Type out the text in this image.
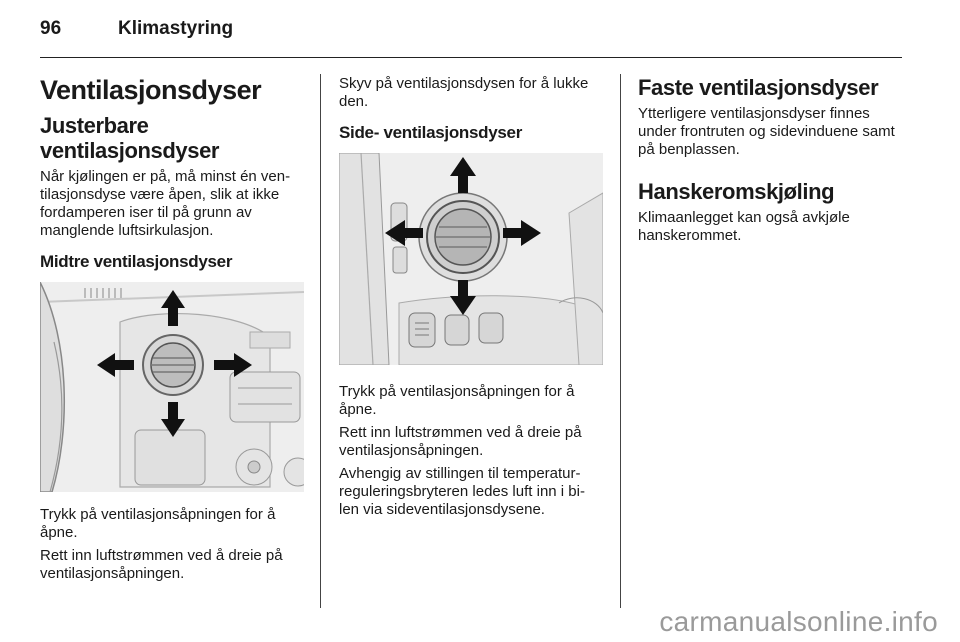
96	Klimastyring
Ventilasjonsdyser
Justerbare ventilasjonsdyser

Når kjølingen er på, må minst én ven-tilasjonsdyse være åpen, slik at ikke fordamperen iser til på grunn av manglende luftsirkulasjon.

Midtre ventilasjonsdyser

Trykk på ventilasjonsåpningen for å åpne.

Rett inn luftstrømmen ved å dreie på ventilasjonsåpningen.

Skyv på ventilasjonsdysen for å lukke den.

Side- ventilasjonsdyser

Trykk på ventilasjonsåpningen for å åpne.

Rett inn luftstrømmen ved å dreie på ventilasjonsåpningen.

Avhengig av stillingen til temperatur-reguleringsbryteren ledes luft inn i bi-len via sideventilasjonsdysene.

Faste ventilasjonsdyser

Ytterligere ventilasjonsdyser finnes under frontruten og sidevinduene samt på benplassen.

Hanskeromskjøling

Klimaanlegget kan også avkjøle hanskerommet.

carmanualsonline.info
